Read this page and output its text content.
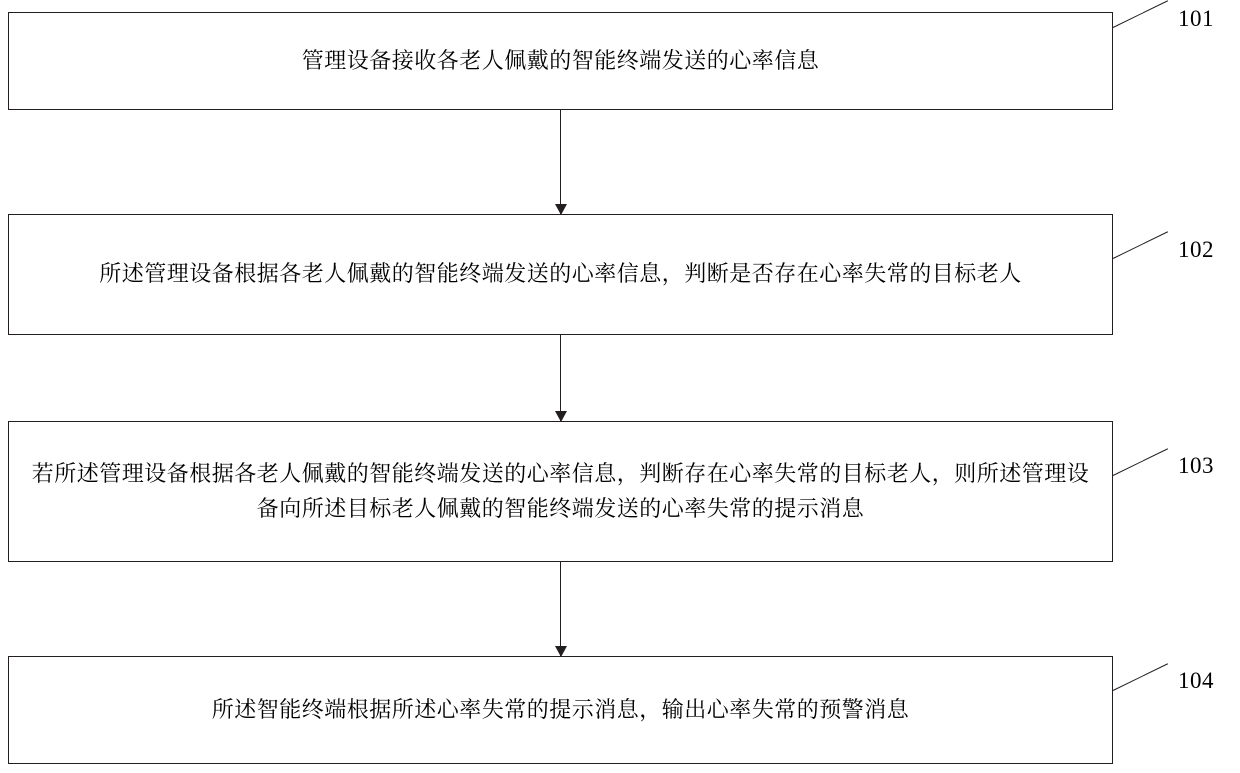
管理设备接收各老人佩戴的智能终端发送的心率信息
101
所述管理设备根据各老人佩戴的智能终端发送的心率信息，判断是否存在心率失常的目标老人
102
若所述管理设备根据各老人佩戴的智能终端发送的心率信息，判断存在心率失常的目标老人，则所述管理设备向所述目标老人佩戴的智能终端发送的心率失常的提示消息
103
所述智能终端根据所述心率失常的提示消息，输出心率失常的预警消息
104
